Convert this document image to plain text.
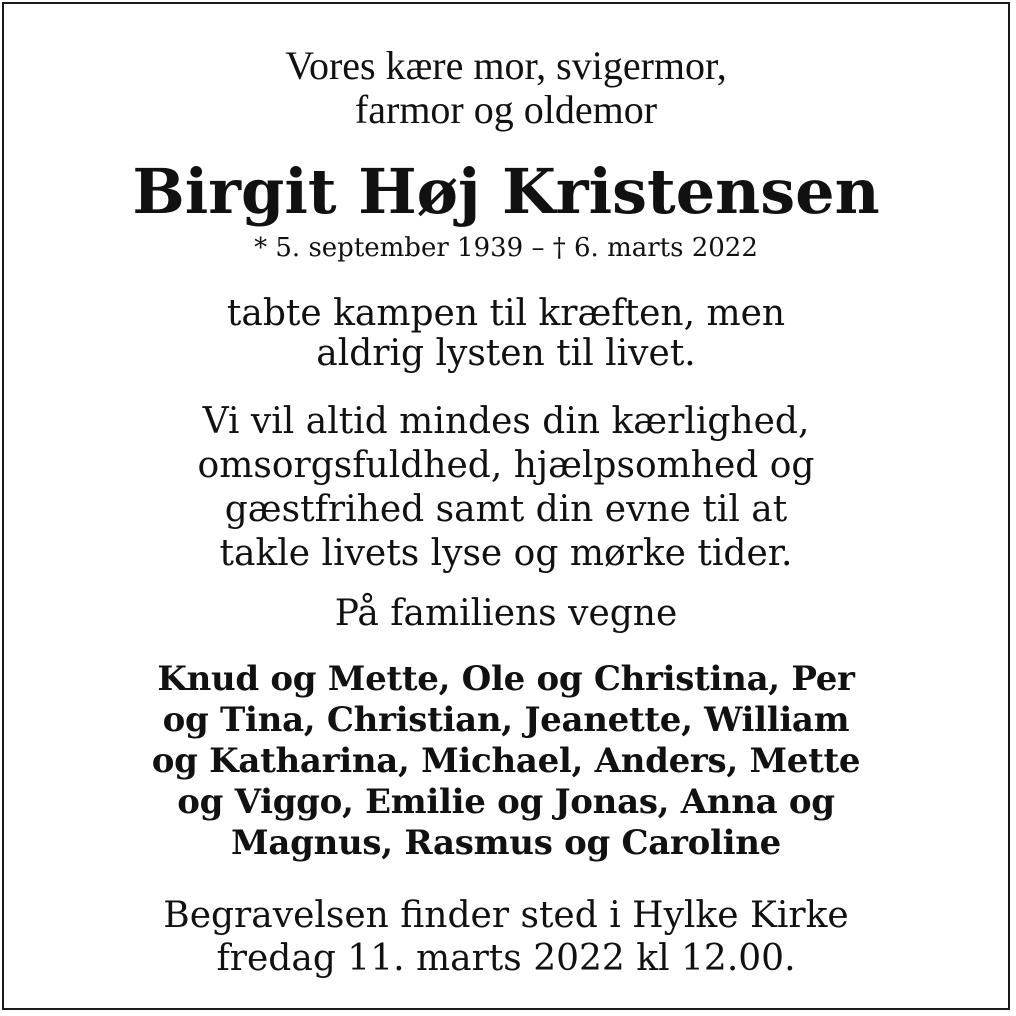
Vores kære mor, svigermor,
farmor og oldemor

Birgit Høj Kristensen

* 5. september 1939 – † 6. marts 2022

tabte kampen til kræften, men
aldrig lysten til livet.

Vi vil altid mindes din kærlighed,
omsorgsfuldhed, hjælpsomhed og
gæstfrihed samt din evne til at
takle livets lyse og mørke tider.

På familiens vegne

Knud og Mette, Ole og Christina, Per
og Tina, Christian, Jeanette, William
og Katharina, Michael, Anders, Mette
og Viggo, Emilie og Jonas, Anna og
Magnus, Rasmus og Caroline

Begravelsen finder sted i Hylke Kirke
fredag 11. marts 2022 kl 12.00.
